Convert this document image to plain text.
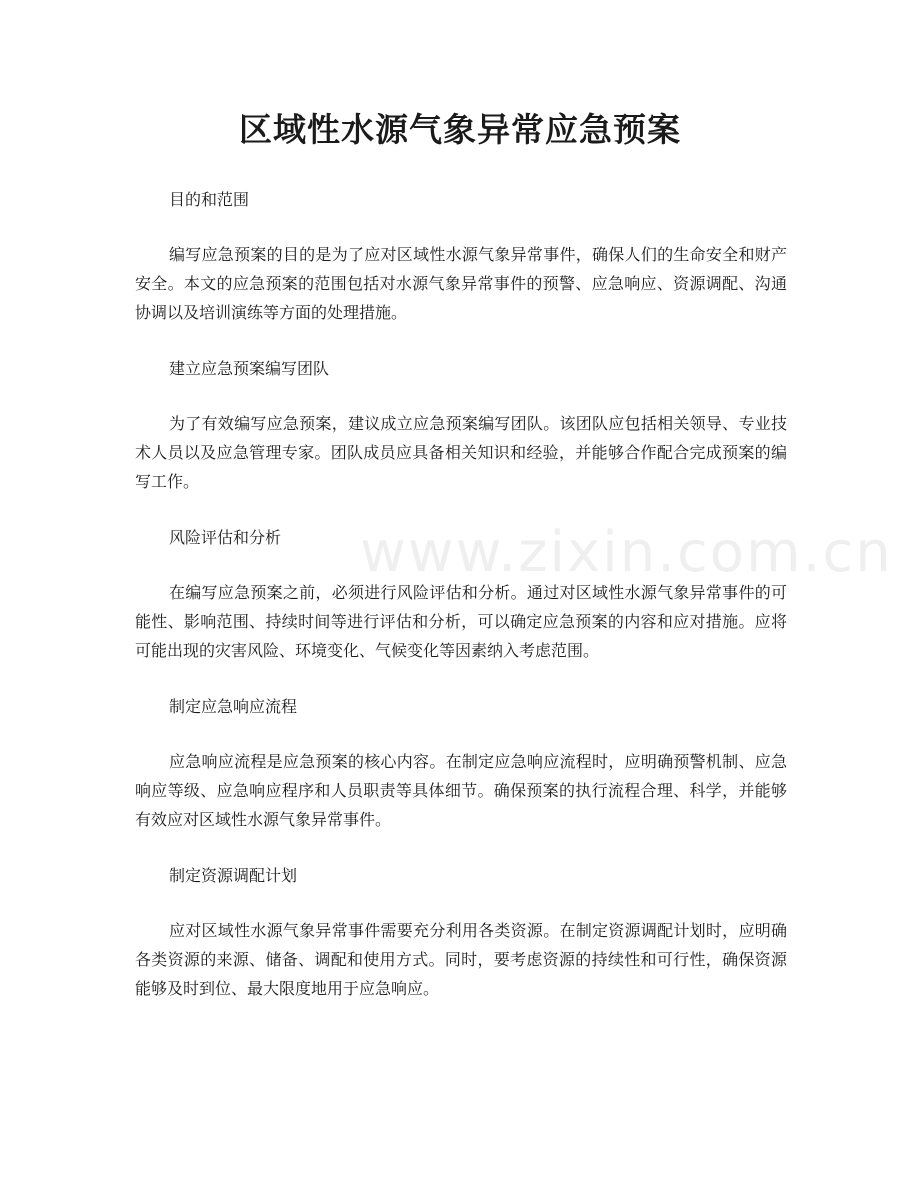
区域性水源气象异常应急预案
www.zixin.com.cn

目的和范围

编写应急预案的目的是为了应对区域性水源气象异常事件，确保人们的生命安全和财产安全。本文的应急预案的范围包括对水源气象异常事件的预警、应急响应、资源调配、沟通协调以及培训演练等方面的处理措施。

建立应急预案编写团队

为了有效编写应急预案，建议成立应急预案编写团队。该团队应包括相关领导、专业技术人员以及应急管理专家。团队成员应具备相关知识和经验，并能够合作配合完成预案的编写工作。

风险评估和分析

在编写应急预案之前，必须进行风险评估和分析。通过对区域性水源气象异常事件的可能性、影响范围、持续时间等进行评估和分析，可以确定应急预案的内容和应对措施。应将可能出现的灾害风险、环境变化、气候变化等因素纳入考虑范围。

制定应急响应流程

应急响应流程是应急预案的核心内容。在制定应急响应流程时，应明确预警机制、应急响应等级、应急响应程序和人员职责等具体细节。确保预案的执行流程合理、科学，并能够有效应对区域性水源气象异常事件。

制定资源调配计划

应对区域性水源气象异常事件需要充分利用各类资源。在制定资源调配计划时，应明确各类资源的来源、储备、调配和使用方式。同时，要考虑资源的持续性和可行性，确保资源能够及时到位、最大限度地用于应急响应。
